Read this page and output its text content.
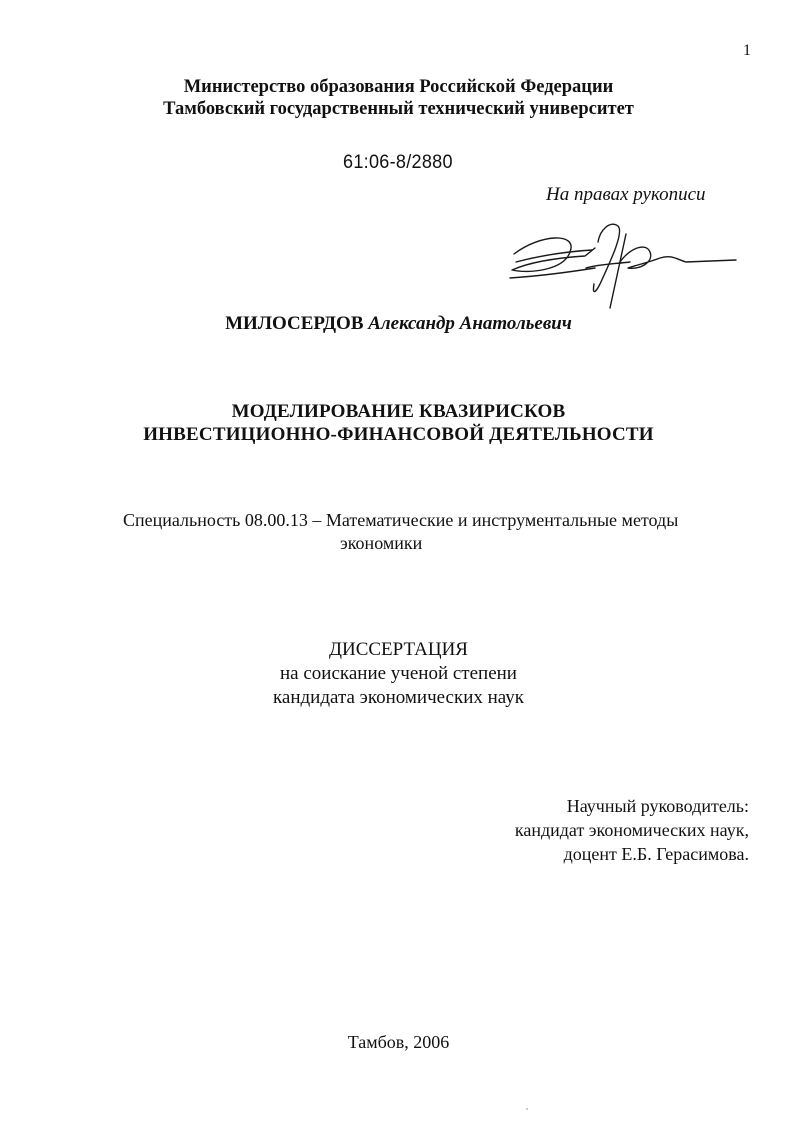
1
Министерство образования Российской Федерации
Тамбовский государственный технический университет
61:06-8/2880
На правах рукописи
МИЛОСЕРДОВ Александр Анатольевич
МОДЕЛИРОВАНИЕ КВАЗИРИСКОВ
ИНВЕСТИЦИОННО-ФИНАНСОВОЙ ДЕЯТЕЛЬНОСТИ
Специальность 08.00.13 – Математические и инструментальные методы
экономики
ДИССЕРТАЦИЯ
на соискание ученой степени
кандидата экономических наук
Научный руководитель:
кандидат экономических наук,
доцент Е.Б. Герасимова.
Тамбов, 2006
